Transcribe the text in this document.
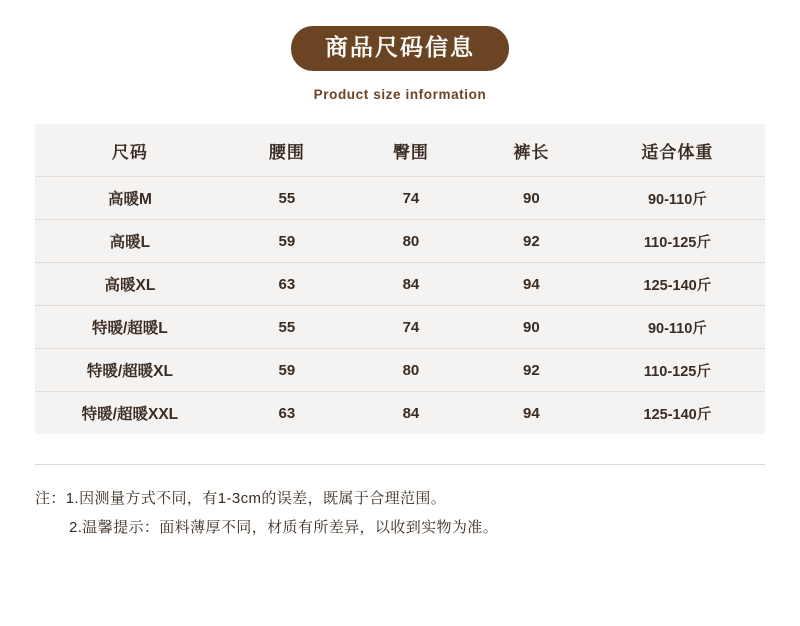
商品尺码信息
Product size information
尺码	腰围	臀围	裤长	适合体重
高暖M	55	74	90	90-110斤
高暖L	59	80	92	110-125斤
高暖XL	63	84	94	125-140斤
特暖/超暖L	55	74	90	90-110斤
特暖/超暖XL	59	80	92	110-125斤
特暖/超暖XXL	63	84	94	125-140斤
注：1.因测量方式不同，有1-3cm的误差，既属于合理范围。
2.温馨提示：面料薄厚不同，材质有所差异，以收到实物为准。
